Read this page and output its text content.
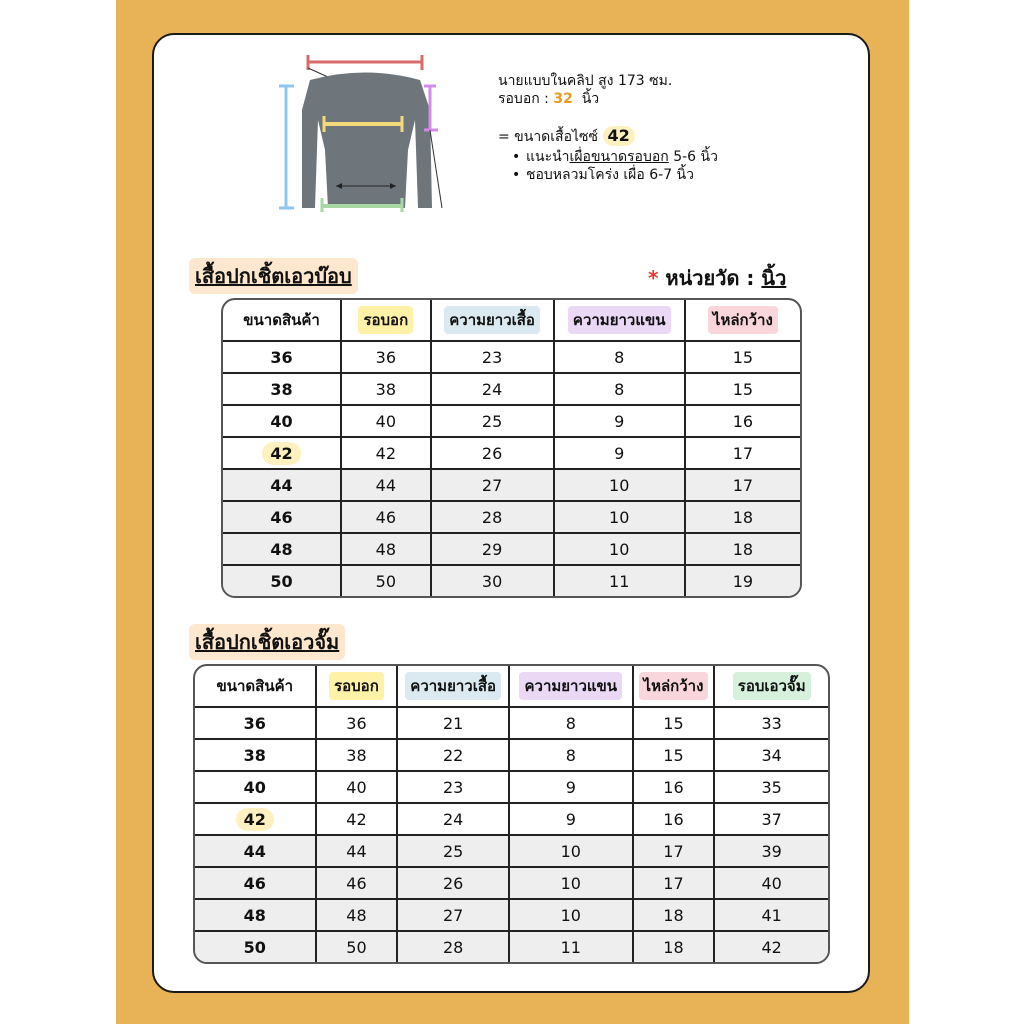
นายแบบในคลิป สูง 173 ซม.
รอบอก : 32 นิ้ว
= ขนาดเสื้อไซซ์ 42
• แนะนำเผื่อขนาดรอบอก 5-6 นิ้ว
• ชอบหลวมโคร่ง เผื่อ 6-7 นิ้ว
เสื้อปกเชิ้ตเอวบ๊อบ	* หน่วยวัด : นิ้ว
ขนาดสินค้า	รอบอก	ความยาวเสื้อ	ความยาวแขน	ไหล่กว้าง
36	36	23	8	15
38	38	24	8	15
40	40	25	9	16
42	42	26	9	17
44	44	27	10	17
46	46	28	10	18
48	48	29	10	18
50	50	30	11	19
เสื้อปกเชิ้ตเอวจั๊ม
ขนาดสินค้า	รอบอก	ความยาวเสื้อ	ความยาวแขน	ไหล่กว้าง	รอบเอวจั๊ม
36	36	21	8	15	33
38	38	22	8	15	34
40	40	23	9	16	35
42	42	24	9	16	37
44	44	25	10	17	39
46	46	26	10	17	40
48	48	27	10	18	41
50	50	28	11	18	42
